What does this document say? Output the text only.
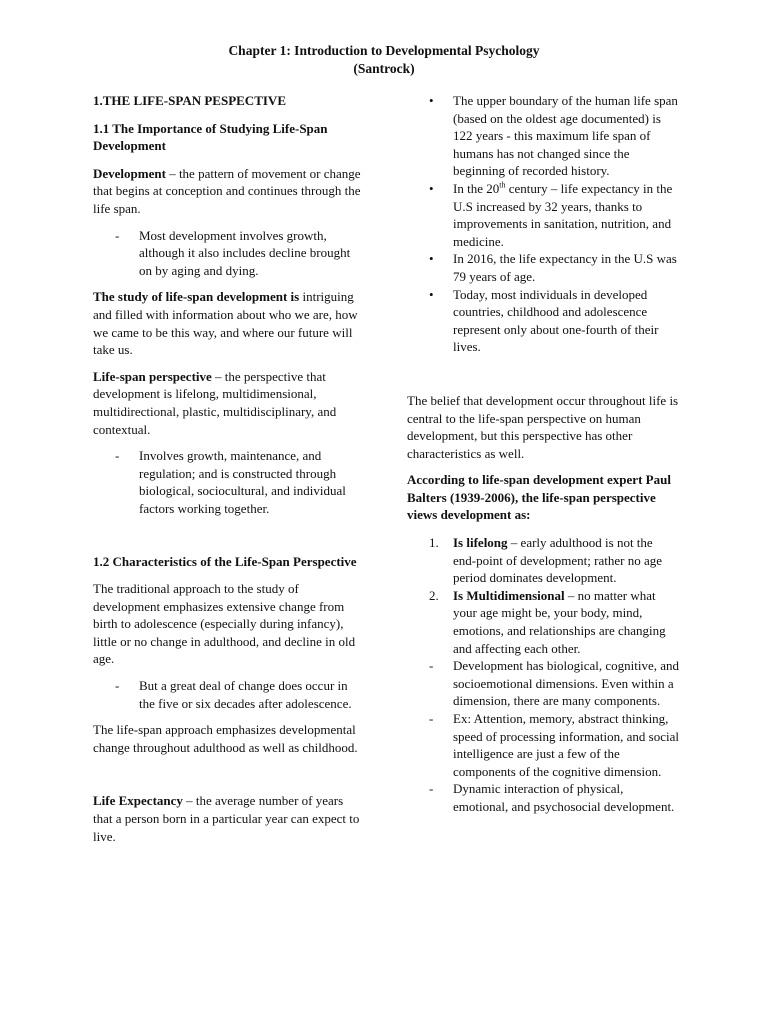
Chapter 1: Introduction to Developmental Psychology
(Santrock)

1.THE LIFE-SPAN PESPECTIVE

1.1 The Importance of Studying Life-Span Development

Development – the pattern of movement or change that begins at conception and continues through the life span.

- Most development involves growth, although it also includes decline brought on by aging and dying.

The study of life-span development is intriguing and filled with information about who we are, how we came to be this way, and where our future will take us.

Life-span perspective – the perspective that development is lifelong, multidimensional, multidirectional, plastic, multidisciplinary, and contextual.

- Involves growth, maintenance, and regulation; and is constructed through biological, sociocultural, and individual factors working together.

1.2 Characteristics of the Life-Span Perspective

The traditional approach to the study of development emphasizes extensive change from birth to adolescence (especially during infancy), little or no change in adulthood, and decline in old age.

- But a great deal of change does occur in the five or six decades after adolescence.

The life-span approach emphasizes developmental change throughout adulthood as well as childhood.

Life Expectancy – the average number of years that a person born in a particular year can expect to live.

• The upper boundary of the human life span (based on the oldest age documented) is 122 years - this maximum life span of humans has not changed since the beginning of recorded history.
• In the 20th century – life expectancy in the U.S increased by 32 years, thanks to improvements in sanitation, nutrition, and medicine.
• In 2016, the life expectancy in the U.S was 79 years of age.
• Today, most individuals in developed countries, childhood and adolescence represent only about one-fourth of their lives.

The belief that development occur throughout life is central to the life-span perspective on human development, but this perspective has other characteristics as well.

According to life-span development expert Paul Balters (1939-2006), the life-span perspective views development as:

1. Is lifelong – early adulthood is not the end-point of development; rather no age period dominates development.
2. Is Multidimensional – no matter what your age might be, your body, mind, emotions, and relationships are changing and affecting each other.
- Development has biological, cognitive, and socioemotional dimensions. Even within a dimension, there are many components.
- Ex: Attention, memory, abstract thinking, speed of processing information, and social intelligence are just a few of the components of the cognitive dimension.
- Dynamic interaction of physical, emotional, and psychosocial development.
